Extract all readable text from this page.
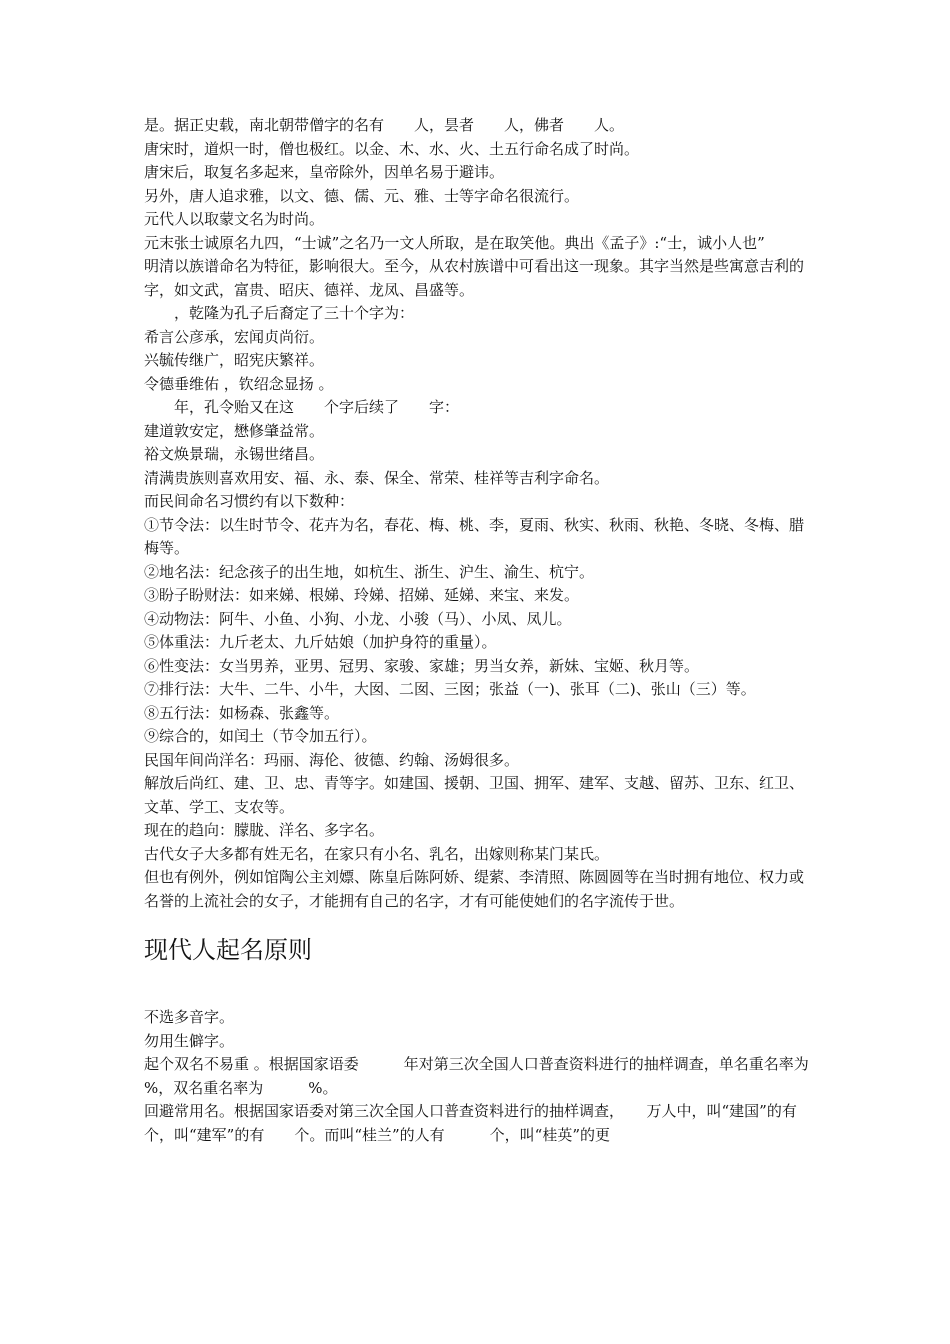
是。据正史载，南北朝带僧字的名有　　人，昙者　　人，佛者　　人。

唐宋时，道炽一时，僧也极红。以金、木、水、火、土五行命名成了时尚。

唐宋后，取复名多起来，皇帝除外，因单名易于避讳。

另外，唐人追求雅，以文、德、儒、元、雅、士等字命名很流行。

元代人以取蒙文名为时尚。

元末张士诚原名九四，“士诚”之名乃一文人所取，是在取笑他。典出《孟子》:“士，诚小人也”

明清以族谱命名为特征，影响很大。至今，从农村族谱中可看出这一现象。其字当然是些寓意吉利的字，如文武，富贵、昭庆、德祥、龙凤、昌盛等。

　　，乾隆为孔子后裔定了三十个字为：

希言公彦承，宏闻贞尚衍。

兴毓传继广，昭宪庆繁祥。

令德垂维佑 ，钦绍念显扬 。

　　年，孔令贻又在这　　个字后续了　　字：

建道敦安定，懋修肇益常。

裕文焕景瑞，永锡世绪昌。

清满贵族则喜欢用安、福、永、泰、保全、常荣、桂祥等吉利字命名。

而民间命名习惯约有以下数种：

①节令法：以生时节令、花卉为名，春花、梅、桃、李，夏雨、秋实、秋雨、秋艳、冬晓、冬梅、腊梅等。

②地名法：纪念孩子的出生地，如杭生、浙生、沪生、渝生、杭宁。

③盼子盼财法：如来娣、根娣、玲娣、招娣、延娣、来宝、来发。

④动物法：阿牛、小鱼、小狗、小龙、小骏（马）、小凤、凤儿。

⑤体重法：九斤老太、九斤姑娘（加护身符的重量）。

⑥性变法：女当男养，亚男、冠男、家骏、家雄；男当女养，新妹、宝姬、秋月等。

⑦排行法：大牛、二牛、小牛，大囡、二囡、三囡；张益（一)、张耳（二)、张山（三）等。

⑧五行法：如杨森、张鑫等。

⑨综合的，如闰土（节令加五行）。

民国年间尚洋名：玛丽、海伦、彼德、约翰、汤姆很多。

解放后尚红、建、卫、忠、青等字。如建国、援朝、卫国、拥军、建军、支越、留苏、卫东、红卫、文革、学工、支农等。

现在的趋向：朦胧、洋名、多字名。

古代女子大多都有姓无名，在家只有小名、乳名，出嫁则称某门某氏。

但也有例外，例如馆陶公主刘嫖、陈皇后陈阿娇、缇萦、李清照、陈圆圆等在当时拥有地位、权力或名誉的上流社会的女子，才能拥有自己的名字，才有可能使她们的名字流传于世。

现代人起名原则

不选多音字。

勿用生僻字。

起个双名不易重 。根据国家语委　　　年对第三次全国人口普查资料进行的抽样调查，单名重名率为　　　%，双名重名率为　　　%。

回避常用名。根据国家语委对第三次全国人口普查资料进行的抽样调查，　　万人中，叫“建国”的有　　个，叫“建军”的有　　个。而叫“桂兰”的人有　　　个，叫“桂英”的更
